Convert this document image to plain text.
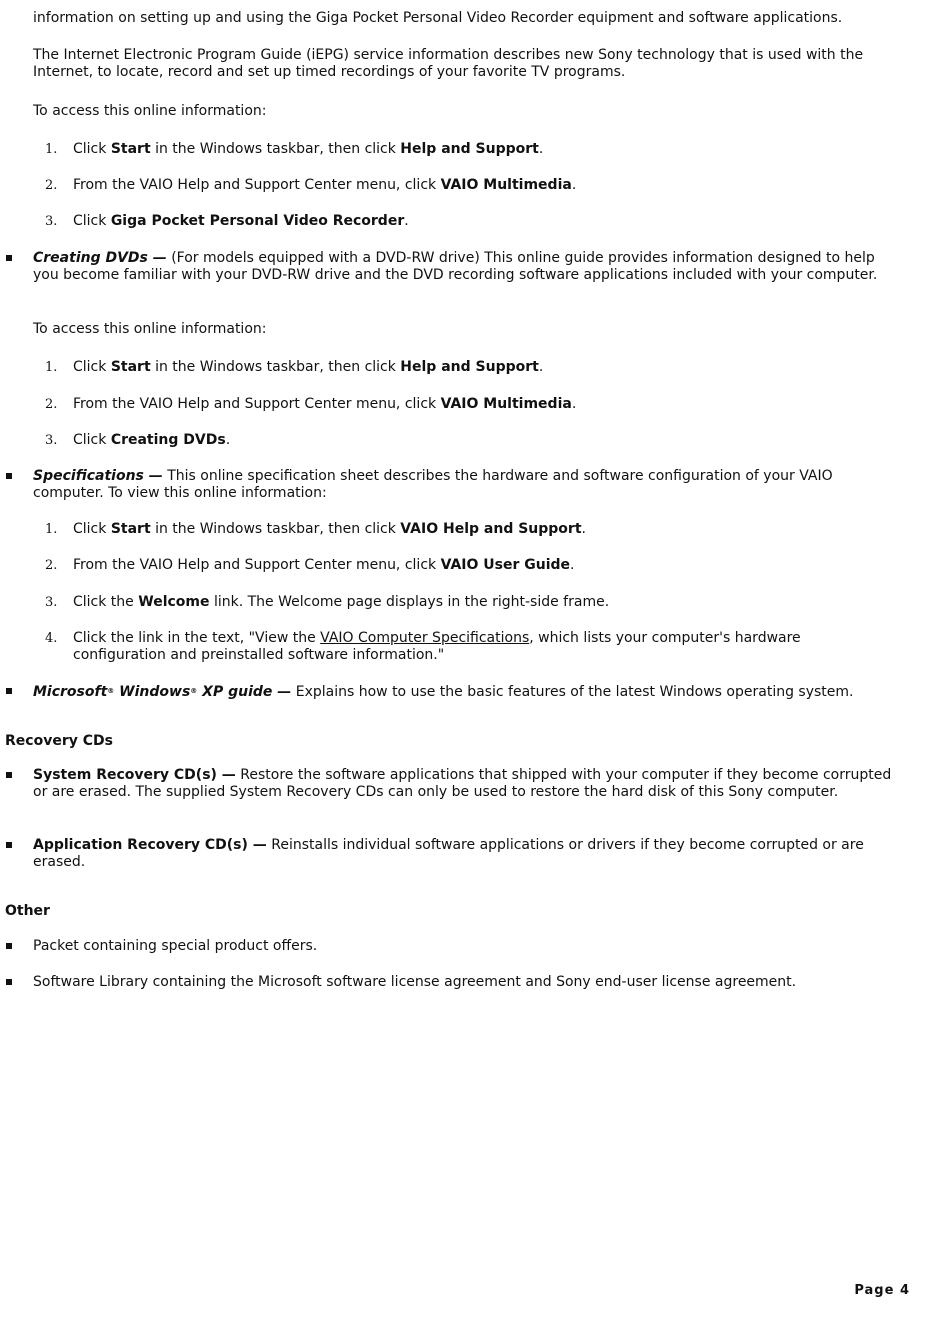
information on setting up and using the Giga Pocket Personal Video Recorder equipment and software applications.
The Internet Electronic Program Guide (iEPG) service information describes new Sony technology that is used with the Internet, to locate, record and set up timed recordings of your favorite TV programs.
To access this online information:
1. Click Start in the Windows taskbar, then click Help and Support.
2. From the VAIO Help and Support Center menu, click VAIO Multimedia.
3. Click Giga Pocket Personal Video Recorder.
Creating DVDs — (For models equipped with a DVD-RW drive) This online guide provides information designed to help you become familiar with your DVD-RW drive and the DVD recording software applications included with your computer.
To access this online information:
1. Click Start in the Windows taskbar, then click Help and Support.
2. From the VAIO Help and Support Center menu, click VAIO Multimedia.
3. Click Creating DVDs.
Specifications — This online specification sheet describes the hardware and software configuration of your VAIO computer. To view this online information:
1. Click Start in the Windows taskbar, then click VAIO Help and Support.
2. From the VAIO Help and Support Center menu, click VAIO User Guide.
3. Click the Welcome link. The Welcome page displays in the right-side frame.
4. Click the link in the text, "View the VAIO Computer Specifications, which lists your computer's hardware configuration and preinstalled software information."
Microsoft® Windows® XP guide — Explains how to use the basic features of the latest Windows operating system.
Recovery CDs
System Recovery CD(s) — Restore the software applications that shipped with your computer if they become corrupted or are erased. The supplied System Recovery CDs can only be used to restore the hard disk of this Sony computer.
Application Recovery CD(s) — Reinstalls individual software applications or drivers if they become corrupted or are erased.
Other
Packet containing special product offers.
Software Library containing the Microsoft software license agreement and Sony end-user license agreement.
Page 4
